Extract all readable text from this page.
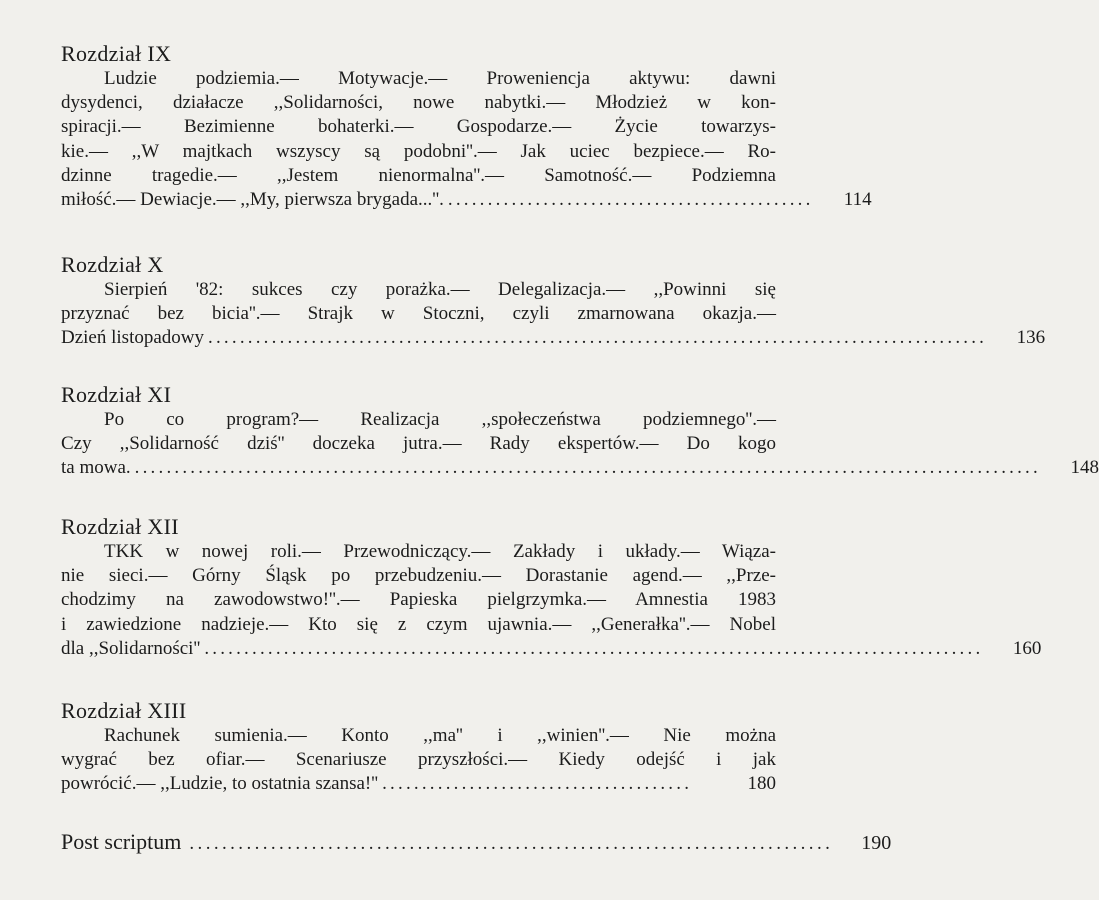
Rozdział IX
Ludzie podziemia.— Motywacje.— Proweniencja aktywu: dawni
dysydenci, działacze ,,Solidarności, nowe nabytki.— Młodzież w kon-
spiracji.— Bezimienne bohaterki.— Gospodarze.— Życie towarzys-
kie.— ,,W majtkach wszyscy są podobni''.— Jak uciec bezpiece.— Ro-
dzinne tragedie.— ,,Jestem nienormalna''.— Samotność.— Podziemna
miłość.— Dewiacje.— ,,My, pierwsza brygada...''. ..............................................	114
Rozdział X
Sierpień '82: sukces czy porażka.— Delegalizacja.— ,,Powinni się
przyznać bez bicia''.— Strajk w Stoczni, czyli zmarnowana okazja.—
Dzień listopadowy ..................................................................................................	136
Rozdział XI
Po co program?— Realizacja ,,społeczeństwa podziemnego''.—
Czy ,,Solidarność dziś'' doczeka jutra.— Rady ekspertów.— Do kogo
ta mowa. ..................................................................................................................	148
Rozdział XII
TKK w nowej roli.— Przewodniczący.— Zakłady i układy.— Wiąza-
nie sieci.— Górny Śląsk po przebudzeniu.— Dorastanie agend.— ,,Prze-
chodzimy na zawodowstwo!''.— Papieska pielgrzymka.— Amnestia 1983
i zawiedzione nadzieje.— Kto się z czym ujawnia.— ,,Generałka''.— Nobel
dla ,,Solidarności'' ..................................................................................................	160
Rozdział XIII
Rachunek sumienia.— Konto ,,ma'' i ,,winien''.— Nie można
wygrać bez ofiar.— Scenariusze przyszłości.— Kiedy odejść i jak
powrócić.— ,,Ludzie, to ostatnia szansa!'' .......................................	180
Post scriptum ...............................................................................	190
